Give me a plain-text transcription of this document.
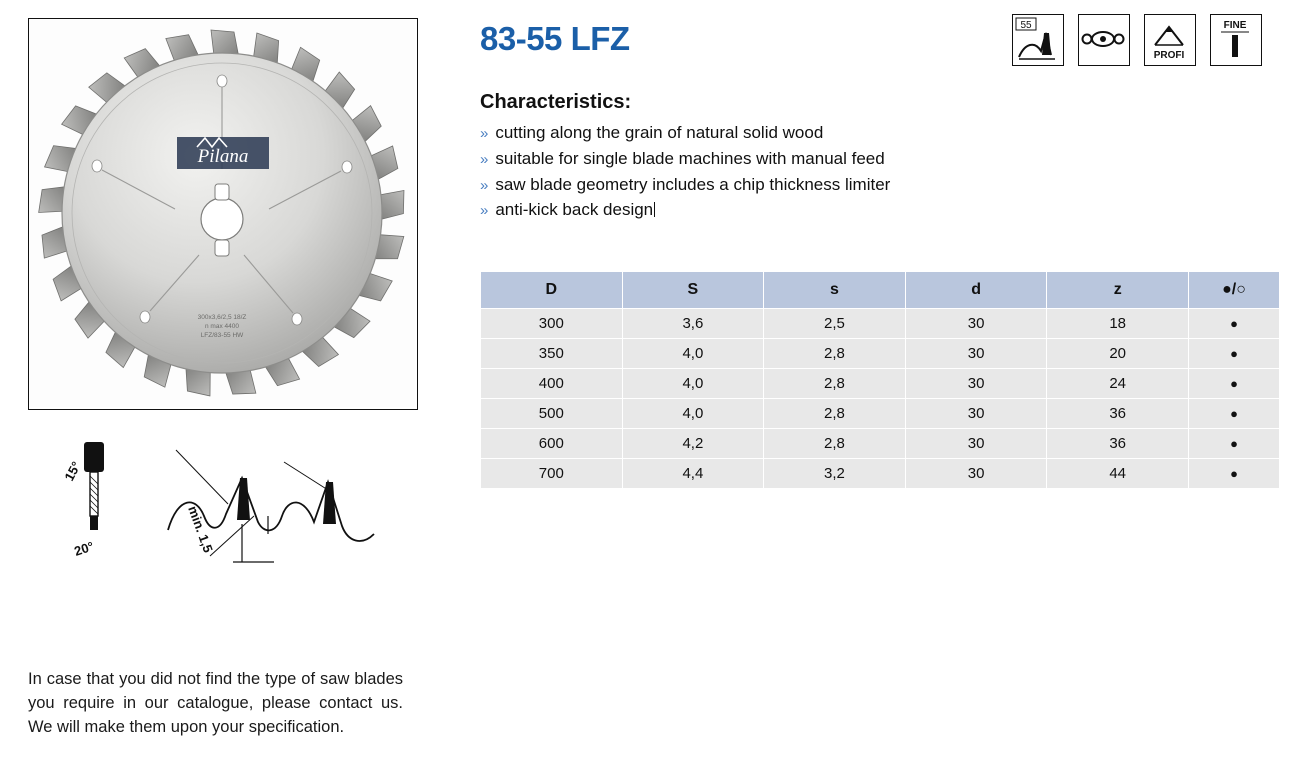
Pilana
300x3,6/2,5 18/Z
n max 4400
LFZ/83-55 HW
15°
20°	min. 1,5
In case that you did not find the type of saw blades you require in our catalogue, please contact us. We will make them upon your specification.
83-55 LFZ	55
PROFI
FINE
Characteristics:
» cutting along the grain of natural solid wood
» suitable for single blade machines with manual feed
» saw blade geometry includes a chip thickness limiter
» anti-kick back design
D	S	s	d	z	●/○
300	3,6	2,5	30	18	●
350	4,0	2,8	30	20	●
400	4,0	2,8	30	24	●
500	4,0	2,8	30	36	●
600	4,2	2,8	30	36	●
700	4,4	3,2	30	44	●
